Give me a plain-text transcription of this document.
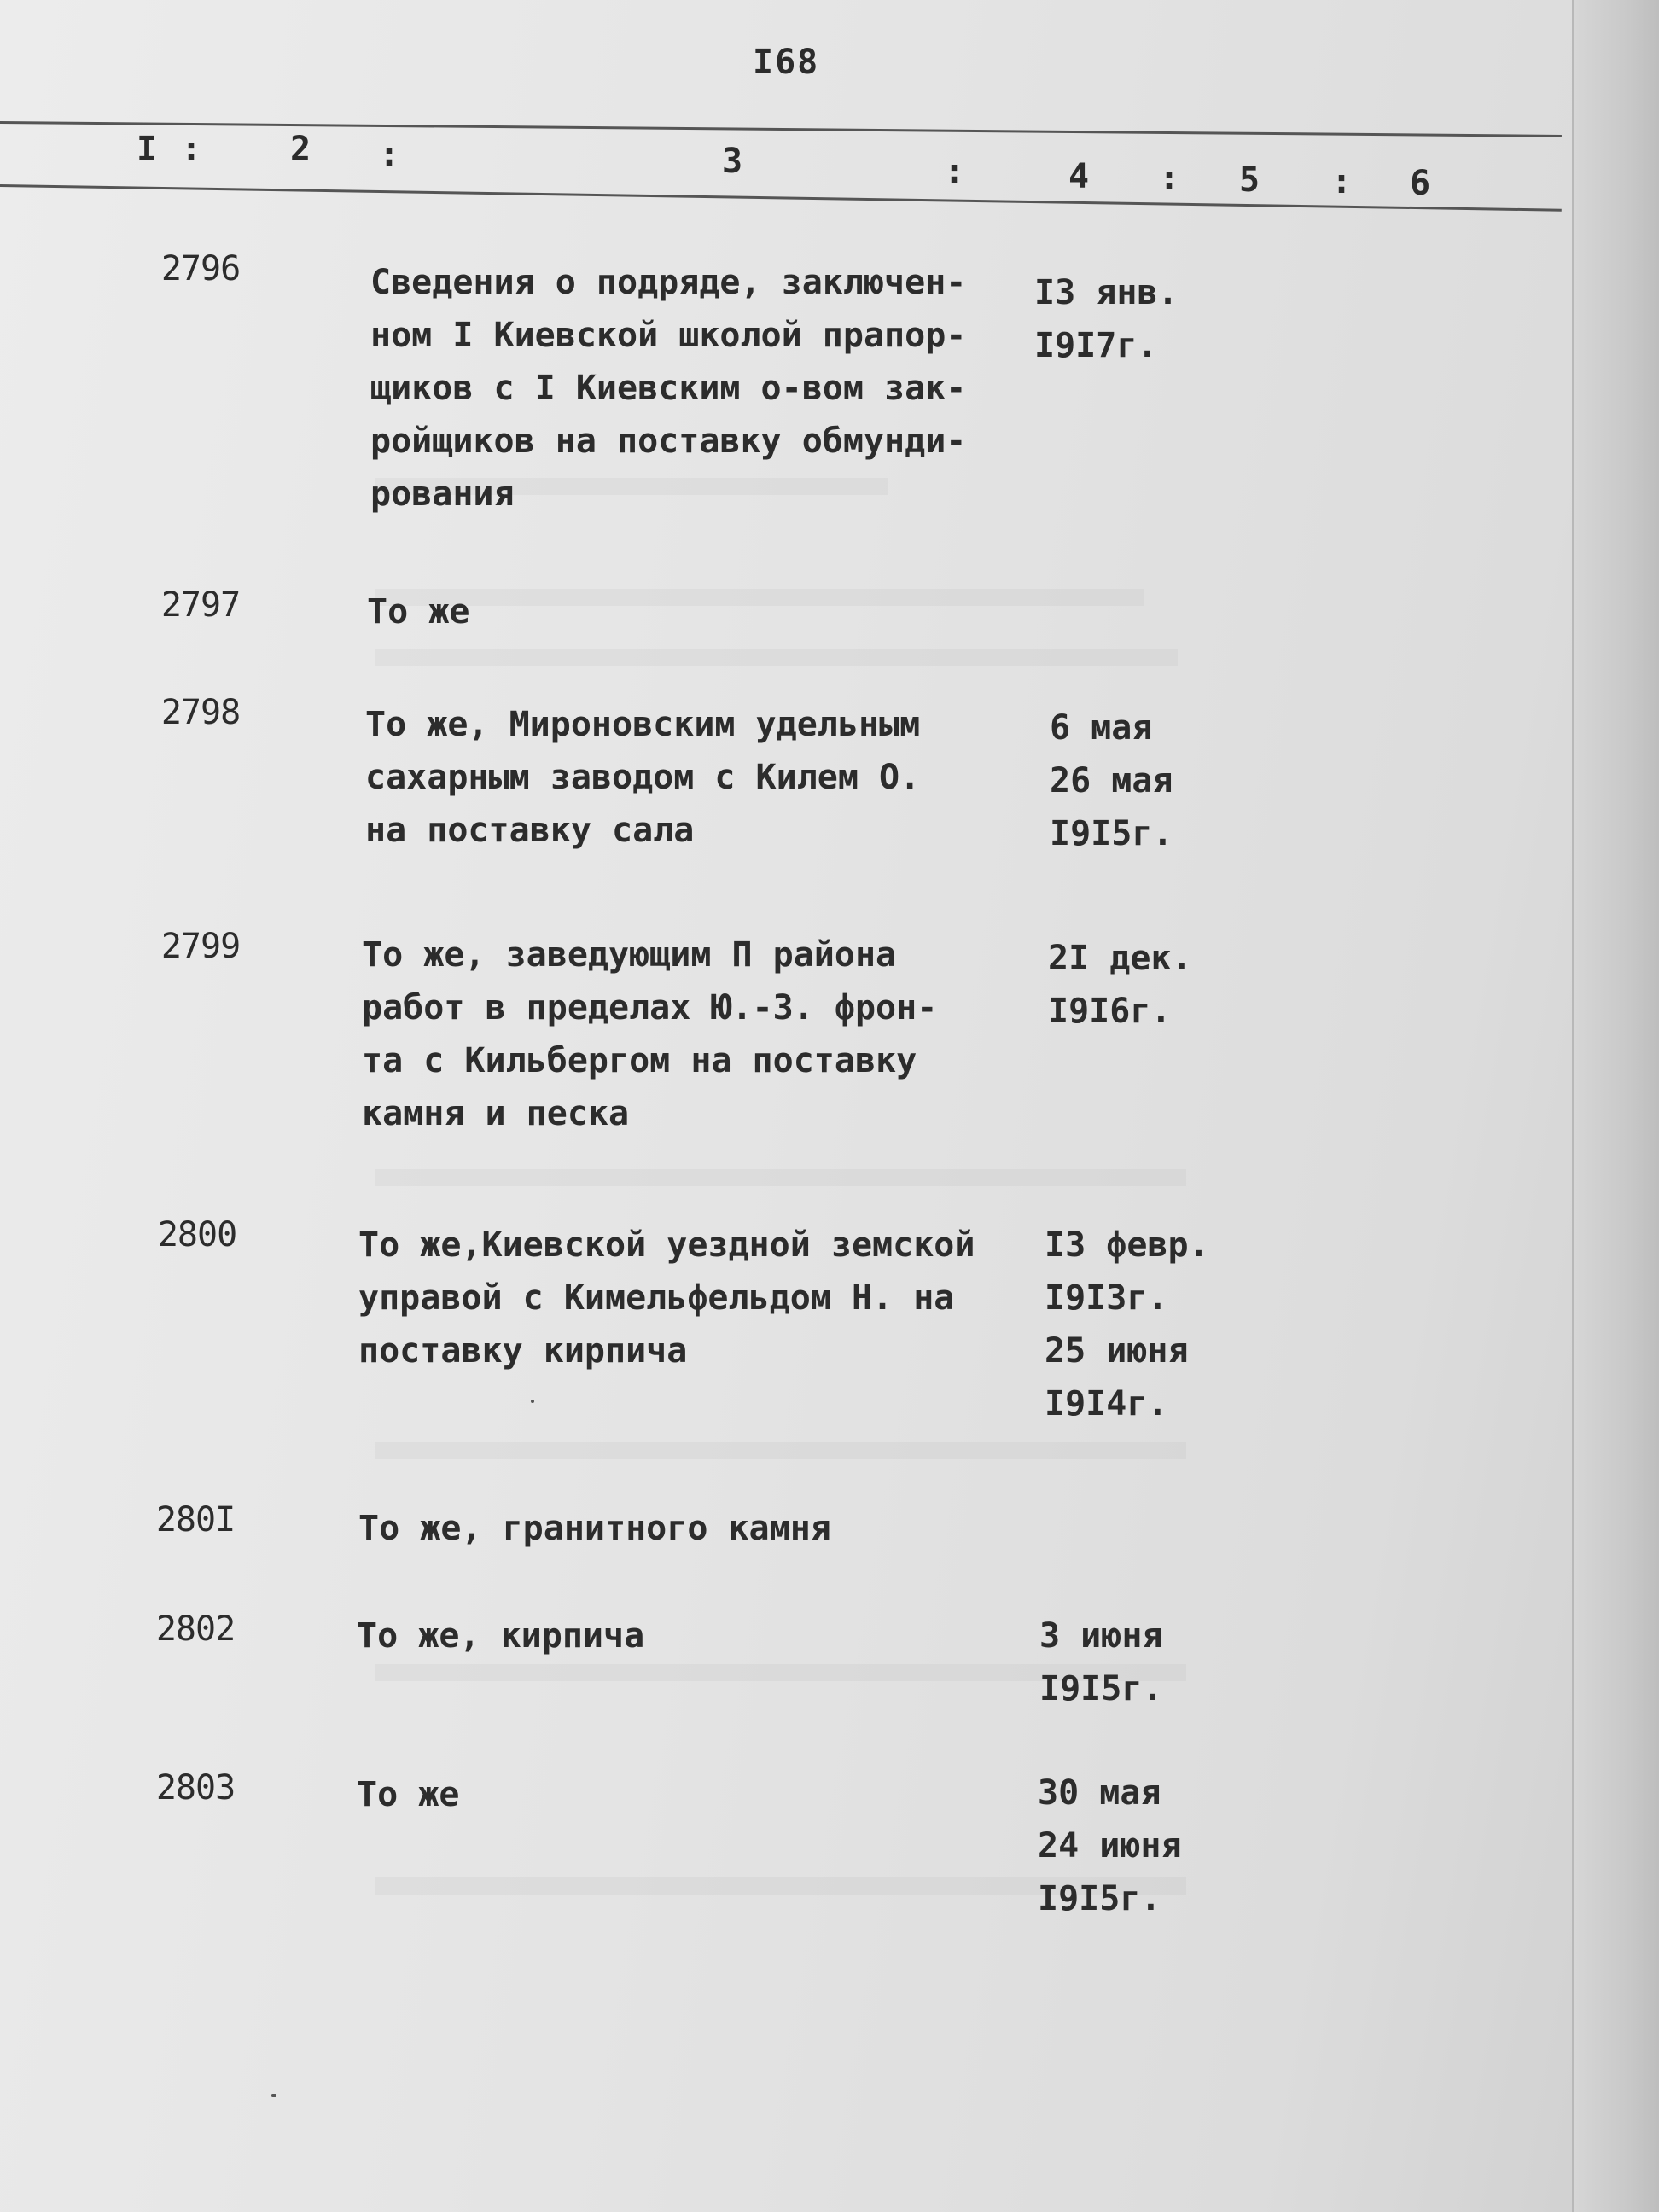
I68
I :	2 :	3	:	4 : 5 : 6
2796	Сведения о подряде, заключен-
ном I Киевской школой прапор-
щиков с I Киевским о-вом зак-
ройщиков на поставку обмунди-
рования
I3 янв.
I9I7г.
2797	То же
2798	То же, Мироновским удельным
сахарным заводом с Килем О.
на поставку сала
6 мая
26 мая
I9I5г.
2799	То же, заведующим П района
работ в пределах Ю.-З. фрон-
та с Кильбергом на поставку
камня и песка
2I дек.
I9I6г.
2800	То же,Киевской уездной земской
управой с Кимельфельдом Н. на
поставку кирпича
I3 февр.
I9I3г.
25 июня
I9I4г.
280I	То же, гранитного камня
2802	То же, кирпича	3 июня
I9I5г.
2803	То же	30 мая
24 июня
I9I5г.
